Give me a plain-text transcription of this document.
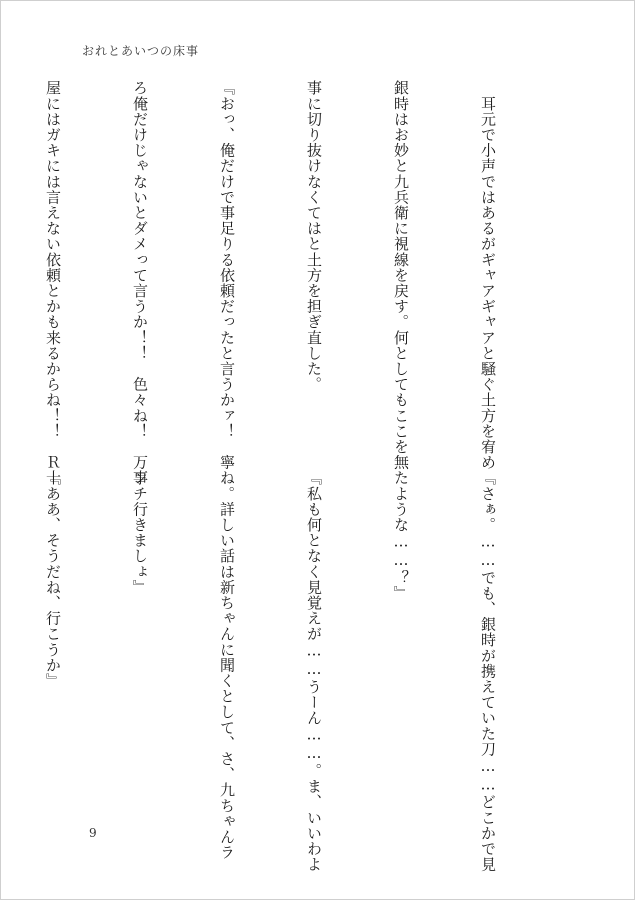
おれとあいつの床事

　耳元で小声ではあるがギャアギャアと騒ぐ土方を宥め

銀時はお妙と九兵衛に視線を戻す。何としてもここを無

事に切り抜けなくてはと土方を担ぎ直した。

『おっ、俺だけで事足りる依頼だったと言うかァ！　寧

ろ俺だけじゃないとダメって言うか！！　色々ね！　万事

屋にはガキには言えない依頼とかも来るからね！！　Ｒ十

『さぁ。……でも、銀時が携えていた刀……どこかで見

たような……？』

『私も何となく見覚えが……うーん……。ま、いいわよ

ね。詳しい話は新ちゃんに聞くとして、さ、九ちゃんラ

ンチ行きましょ』

『ああ、そうだね、行こうか』

9
